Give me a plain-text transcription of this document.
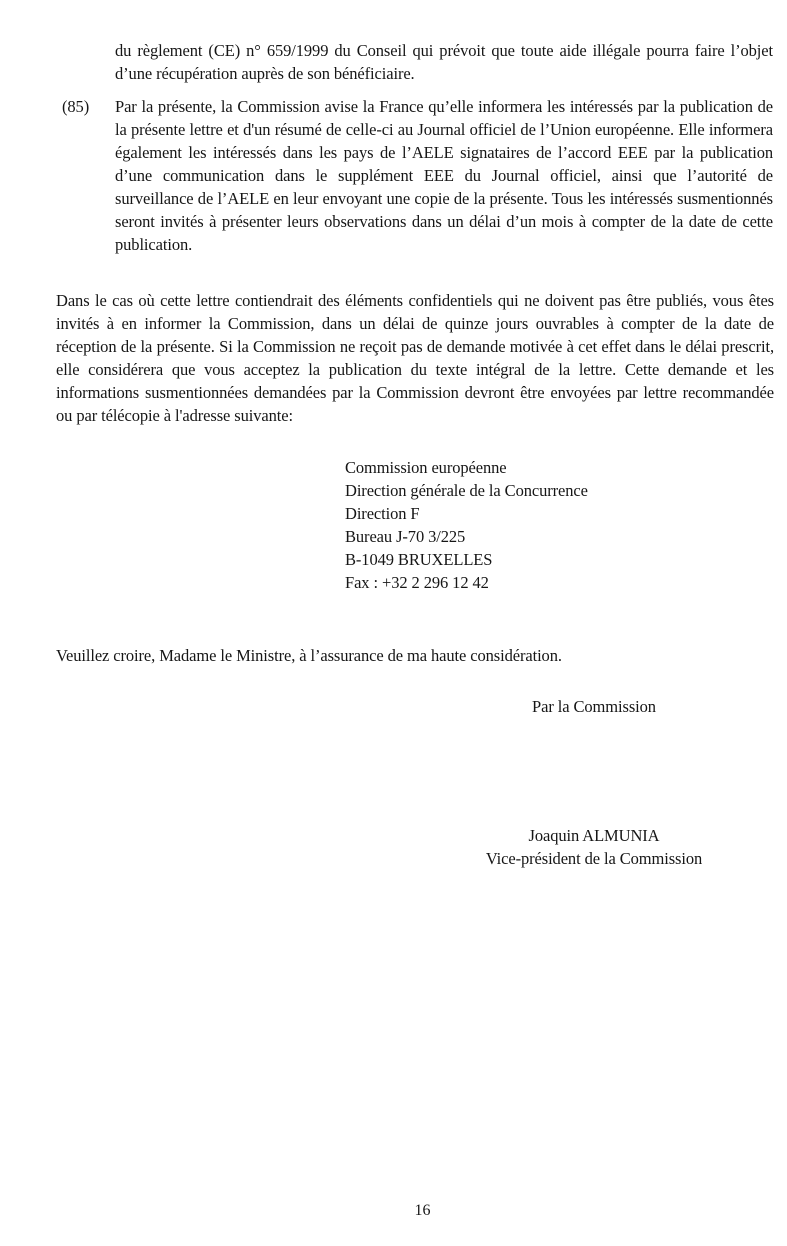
du règlement (CE) n° 659/1999 du Conseil qui prévoit que toute aide illégale pourra faire l’objet d’une récupération auprès de son bénéficiaire.

(85) Par la présente, la Commission avise la France qu’elle informera les intéressés par la publication de la présente lettre et d'un résumé de celle-ci au Journal officiel de l’Union européenne. Elle informera également les intéressés dans les pays de l’AELE signataires de l’accord EEE par la publication d’une communication dans le supplément EEE du Journal officiel, ainsi que l’autorité de surveillance de l’AELE en leur envoyant une copie de la présente. Tous les intéressés susmentionnés seront invités à présenter leurs observations dans un délai d’un mois à compter de la date de cette publication.

Dans le cas où cette lettre contiendrait des éléments confidentiels qui ne doivent pas être publiés, vous êtes invités à en informer la Commission, dans un délai de quinze jours ouvrables à compter de la date de réception de la présente. Si la Commission ne reçoit pas de demande motivée à cet effet dans le délai prescrit, elle considérera que vous acceptez la publication du texte intégral de la lettre. Cette demande et les informations susmentionnées demandées par la Commission devront être envoyées par lettre recommandée ou par télécopie à l'adresse suivante:

Commission européenne
Direction générale de la Concurrence
Direction F
Bureau J-70 3/225
B-1049 BRUXELLES
Fax : +32 2 296 12 42

Veuillez croire, Madame le Ministre, à l’assurance de ma haute considération.

Par la Commission

Joaquin ALMUNIA
Vice-président de la Commission
16
